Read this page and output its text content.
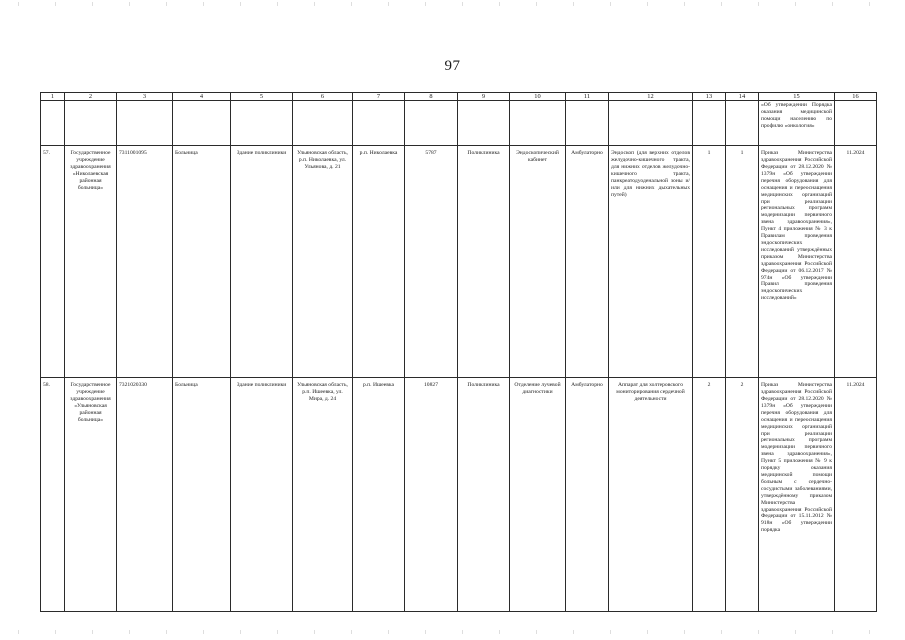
97
1	2	3	4	5	6	7	8	9	10	11	12	13	14	15	16
														«Об утверждении Порядка оказания медицинской помощи населению по профилю «онкология»	
57.	Государственное учреждение здравоохранения «Николаевская районная больница»	7311001095	Больница	Здание поликлиники	Ульяновская область, р.п. Николаевка, ул. Ульянова, д. 21	р.п. Николаевка	5787	Поликлиника	Эндоскопический кабинет	Амбулаторно	Эндоскоп (для верхних отделов желудочно-кишечного тракта, для нижних отделов желудочно-кишечного тракта, панкреатодуоденальной зоны и/или для нижних дыхательных путей)	1	1	Приказ Министерства здравоохранения Российской Федерации от 28.12.2020 № 1379н «Об утверждении перечня оборудования для оснащения и переоснащения медицинских организаций при реализации региональных программ модернизации первичного звена здравоохранения», Пункт 4 приложения № 3 к Правилам проведения эндоскопических исследований утверждённых приказом Министерства здравоохранения Российской Федерации от 06.12.2017 № 974н «Об утверждении Правил проведения эндоскопических исследований»	11.2024
58.	Государственное учреждение здравоохранения «Ульяновская районная больница»	7321020330	Больница	Здание поликлиники	Ульяновская область, р.п. Ишеевка, ул. Мира, д. 24	р.п. Ишеевка	10827	Поликлиника	Отделение лучевой диагностики	Амбулаторно	Аппарат для холтеровского мониторирования сердечной деятельности	2	2	Приказ Министерства здравоохранения Российской Федерации от 28.12.2020 № 1379н «Об утверждении перечня оборудования для оснащения и переоснащения медицинских организаций при реализации региональных программ модернизации первичного звена здравоохранения», Пункт 5 приложения № 9 к порядку оказания медицинской помощи больным с сердечно-сосудистыми заболеваниями, утверждённому приказом Министерства здравоохранения Российской Федерации от 15.11.2012 № 918н «Об утверждении порядка	11.2024
